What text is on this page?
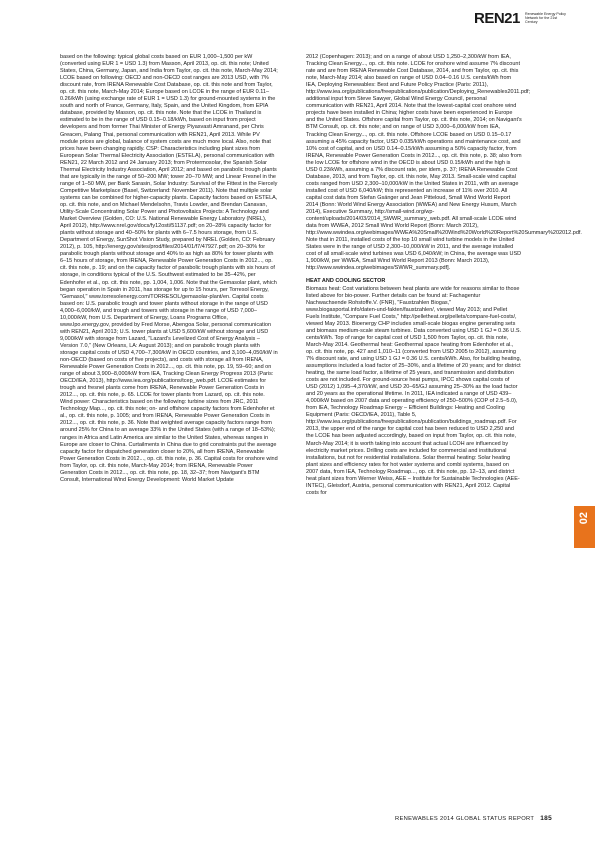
REN21 Renewable Energy Policy Network for the 21st Century

based on the following: typical global costs based on EUR 1,000–1,500 per kW (converted using EUR 1 = USD 1.3) from Masson, April 2013, op. cit. this note; United States, China, Germany, Japan, and India from Taylor, op. cit. this note, March-May 2014; LCOE based on following: OECD and non-OECD cost ranges are 2013 USD, with 7% discount rate, from IRENA Renewable Cost Database, op. cit. this note and from Taylor, op. cit. this note, March-May 2014; Europe based on LCOE in the range of EUR 0.11–0.26/kWh (using exchange rate of EUR 1 = USD 1.3) for ground-mounted systems in the south and north of France, Germany, Italy, Spain, and the United Kingdom, from EPIA database, provided by Masson, op. cit. this note. Note that the LCOE in Thailand is estimated to be in the range of USD 0.15–0.18/kWh, based on input from project developers and from former Thai Minister of Energy Piyasvasti Amranand, per Chris Greacen, Palang Thai, personal communication with REN21, April 2013. While PV module prices are global, balance of system costs are much more local. Also, note that prices have been changing rapidly. CSP: Characteristics including plant sizes from European Solar Thermal Electricity Association (ESTELA), personal communication with REN21, 22 March 2012 and 24 January 2013; from Protermosolar, the Spanish Solar Thermal Electricity Industry Association, April 2012; and based on parabolic trough plants that are typically in the range of 50–200 MW; tower 20–70 MW; and Linear Fresnel in the range of 1–50 MW, per Bank Sarasin, Solar Industry: Survival of the Fittest in the Fiercely Competitive Marketplace (Basel, Switzerland: November 2011). Note that multiple solar systems can be combined for higher-capacity plants. Capacity factors based on ESTELA, op. cit. this note, and on Michael Mendelsohn, Travis Lowder, and Brendan Canavan, Utility-Scale Concentrating Solar Power and Photovoltaics Projects: A Technology and Market Overview (Golden, CO: U.S. National Renewable Energy Laboratory (NREL), April 2012), http://www.nrel.gov/docs/fy12osti/51137.pdf; on 20–28% capacity factor for plants without storage and 40–50% for plants with 6–7.5 hours storage, from U.S. Department of Energy, SunShot Vision Study, prepared by NREL (Golden, CO: February 2012), p. 105, http://energy.gov/sites/prod/files/2014/01/f7/47927.pdf; on 20–30% for parabolic trough plants without storage and 40% to as high as 80% for tower plants with 6–15 hours of storage, from IRENA, Renewable Power Generation Costs in 2012..., op. cit. this note, p. 19; and on the capacity factor of parabolic trough plants with six hours of storage, in conditions typical of the U.S. Southwest estimated to be 35–42%, per Edenhofer et al., op. cit. this note, pp. 1,004, 1,006. Note that the Gemasolar plant, which began operation in Spain in 2011, has storage for up to 15 hours, per Torresol Energy, "Gemasol," www.torresolenergy.com/TORRESOL/gemasolar-plant/en. Capital costs based on: U.S. parabolic trough and tower plants without storage in the range of USD 4,000–6,000/kW, and trough and towers with storage in the range of USD 7,000–10,000/kW, from U.S. Department of Energy, Loans Programs Office, www.lpo.energy.gov, provided by Fred Morse, Abengoa Solar, personal communication with REN21, April 2013; U.S. tower plants at USD 5,600/kW without storage and USD 9,000/kW with storage from Lazard, "Lazard's Levelized Cost of Energy Analysis – Version 7.0," (New Orleans, LA: August 2013); and on parabolic trough plants with storage capital costs of USD 4,700–7,300/kW in OECD countries, and 3,100–4,050/kW in non-OECD (based on costs of five projects), and costs with storage all from IRENA, Renewable Power Generation Costs in 2012..., op. cit. this note, pp. 19, 59–60; and on range of about 3,900–8,000/kW from IEA, Tracking Clean Energy Progress 2013 (Paris: OECD/IEA, 2013), http://www.iea.org/publications/tcep_web.pdf. LCOE estimates for trough and fresnel plants come from IRENA, Renewable Power Generation Costs in 2012..., op. cit. this note, p. 65. LCOE for tower plants from Lazard, op. cit. this note. Wind power: Characteristics based on the following: turbine sizes from JRC, 2011 Technology Map..., op. cit. this note; on- and offshore capacity factors from Edenhofer et al., op. cit. this note, p. 1005; and from IRENA, Renewable Power Generation Costs in 2012..., op. cit. this note, p. 36. Note that weighted average capacity factors range from around 25% for China to an average 33% in the United States (with a range of 18–53%); ranges in Africa and Latin America are similar to the United States, whereas ranges in Europe are closer to China. Curtailments in China due to grid constraints put the average capacity factor for dispatched generation closer to 20%, all from IRENA, Renewable Power Generation Costs in 2012..., op. cit. this note, p. 36. Capital costs for onshore wind from Taylor, op. cit. this note, March-May 2014; from IRENA, Renewable Power Generation Costs in 2012..., op. cit. this note, pp. 18, 32–37; from Navigant's BTM Consult, International Wind Energy Development: World Market Update

2012 (Copenhagen: 2013); and on a range of about USD 1,250–2,300/kW from IEA, Tracking Clean Energy..., op. cit. this note. LCOE for onshore wind assume 7% discount rate and are from IRENA Renewable Cost Database, 2014, and from Taylor, op. cit. this note, March-May 2014; also based on range of USD 0.04–0.16 U.S. cents/kWh from IEA, Deploying Renewables: Best and Future Policy Practice (Paris: 2011), http://www.iea.org/publications/freepublications/publication/Deploying_Renewables2011.pdf; additional input from Steve Sawyer, Global Wind Energy Council, personal communication with REN21, April 2014. Note that the lowest-capital cost onshore wind projects have been installed in China; higher costs have been experienced in Europe and the United States. Offshore capital from Taylor, op. cit. this note, 2014; on Navigant's BTM Consult, op. cit. this note; and on range of USD 3,000–6,000/kW from IEA, Tracking Clean Energy..., op. cit. this note. Offshore LCOE based on USD 0.15–0.17 assuming a 45% capacity factor, USD 0.035/kWh operations and maintenance cost, and 10% cost of capital, and on USD 0.14–0.15/kWh assuming a 50% capacity factor, from IRENA, Renewable Power Generation Costs in 2012..., op. cit. this note, p. 38; also from the low LCOE for offshore wind in the OECD is about USD 0.15/kWh and the high is USD 0.23/kWh, assuming a 7% discount rate, per idem, p. 37; IRENA Renewable Cost Database, 2013, and from Taylor, op. cit. this note, May 2013. Small-scale wind capital costs ranged from USD 2,300–10,000/kW in the United States in 2011, with an average installed cost of USD 6,040/kW; this represented an increase of 11% over 2010. All capital cost data from Stefan Gsänger and Jean Pitteloud, Small Wind World Report 2014 (Bonn: World Wind Energy Association (WWEA) and New Energy Husum, March 2014), Executive Summary, http://small-wind.org/wp-content/uploads/2014/03/2014_SWWR_summary_web.pdf. All small-scale LCOE wind data from WWEA, 2012 Small Wind World Report (Bonn: March 2012), http://www.wwindea.org/webimages/WWEA%20Small%20Wind%20World%20Report%20Summary%202012.pdf. Note that in 2011, installed costs of the top 10 small wind turbine models in the United States were in the range of USD 2,300–10,000/kW in 2011, and the average installed cost of all small-scale wind turbines was USD 6,040/kW; in China, the average was USD 1,900/kW, per WWEA, Small Wind World Report 2013 (Bonn: March 2013), http://www.wwindea.org/webimages/SWWR_summary.pdf].

HEAT AND COOLING SECTOR

Biomass heat: Cost variations between heat plants are wide for reasons similar to those listed above for bio-power. Further details can be found at: Fachagentur Nachwachsende Rohstoffe.V. (FNR), "Faustzahlen Biogas," www.biogasportal.info/daten-und-fakten/faustzahlen/, viewed May 2013; and Pellet Fuels Institute, "Compare Fuel Costs," http://pelletheat.org/pellets/compare-fuel-costs/, viewed May 2013. Bioenergy CHP includes small-scale biogas engine generating sets and biomass medium-scale steam turbines. Data converted using USD 1 GJ = 0.36 U.S. cents/kWh. Top of range for capital cost of USD 1,500 from Taylor, op. cit. this note, March-May 2014. Geothermal heat: Geothermal space heating from Edenhofer et al., op. cit. this note, pp. 427 and 1,010–11 (converted from USD 2005 to 2012), assuming 7% discount rate, and using USD 1 GJ = 0.36 U.S. cents/kWh. Also, for building heating, assumptions included a load factor of 25–30%, and a lifetime of 20 years; and for district heating, the same load factor, a lifetime of 25 years, and transmission and distribution costs are not included. For ground-source heat pumps, IPCC shows capital costs of USD (2012) 1,095–4,370/kW, and USD 20–65/GJ assuming 25–30% as the load factor and 20 years as the operational lifetime. In 2011, IEA indicated a range of USD 439–4,000/kW based on 2007 data and operating efficiency of 250–500% (COP of 2.5–5.0), from IEA, Technology Roadmap Energy – Efficient Buildings: Heating and Cooling Equipment (Paris: OECD/IEA, 2011), Table 5, http://www.iea.org/publications/freepublications/publication/buildings_roadmap.pdf. For 2013, the upper end of the range for capital cost has been reduced to USD 2,250 and the LCOE has been adjusted accordingly, based on input from Taylor, op. cit. this note, March-May 2014; it is worth taking into account that actual LCOH are influenced by electricity market prices. Drilling costs are included for commercial and institutional installations, but not for residential installations. Solar thermal heating: Solar heating plant sizes and efficiency rates for hot water systems and combi systems, based on 2007 data, from IEA, Technology Roadmap..., op. cit. this note, pp. 12–13, and district heat plant sizes from Werner Weiss, AEE – Institute for Sustainable Technologies (AEE-INTEC), Gleisdorf, Austria, personal communication with REN21, April 2012. Capital costs for

02
RENEWABLES 2014 GLOBAL STATUS REPORT 185
